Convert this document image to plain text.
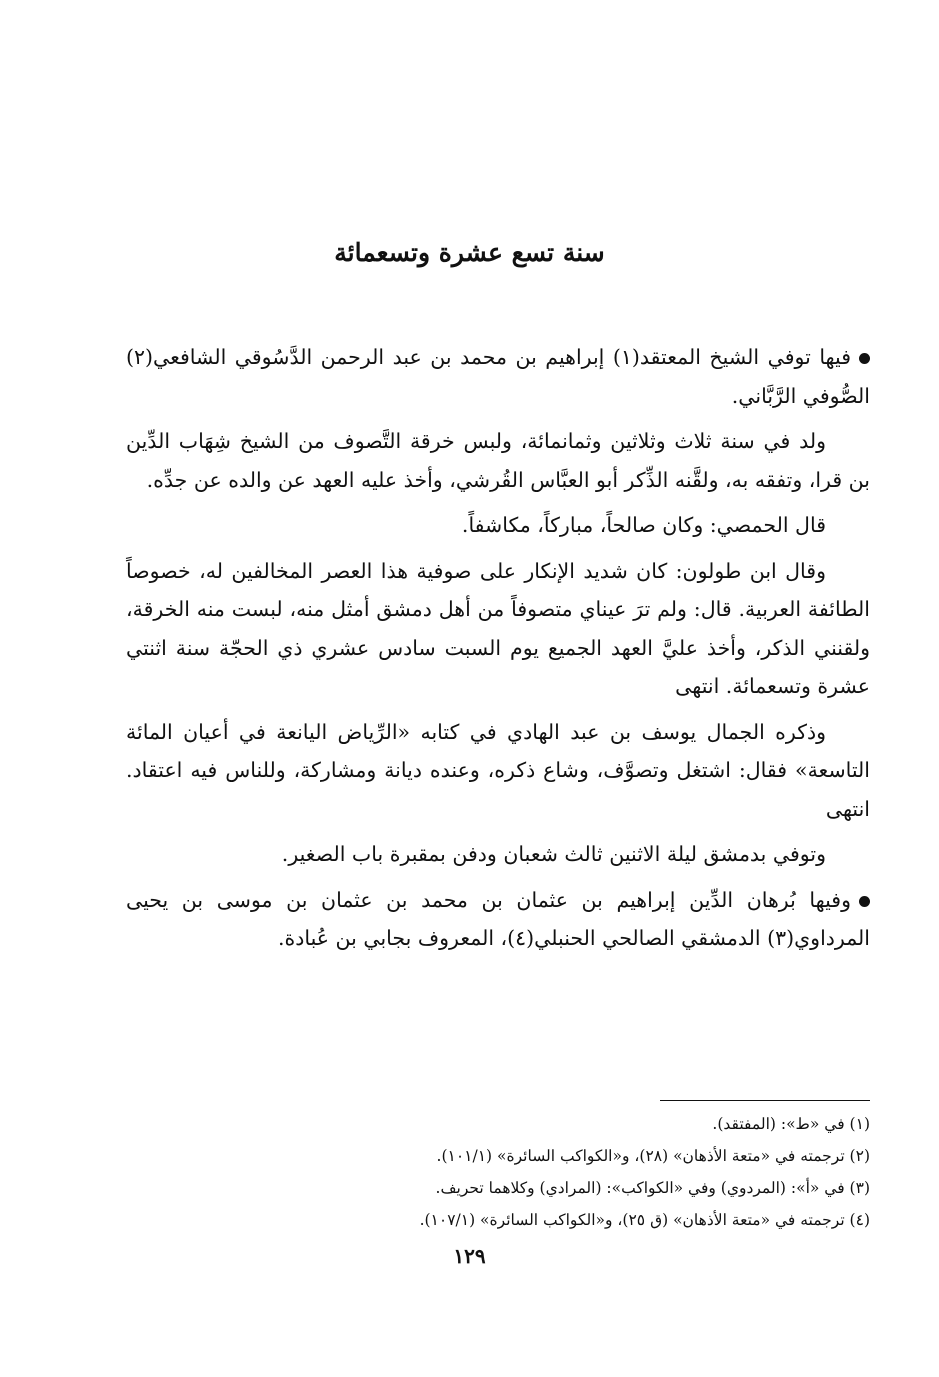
سنة تسع عشرة وتسعمائة

فيها توفي الشيخ المعتقد(١) إبراهيم بن محمد بن عبد الرحمن الدَّسُوقي الشافعي(٢) الصُّوفي الرَّبَّاني.

ولد في سنة ثلاث وثلاثين وثمانمائة، ولبس خرقة التَّصوف من الشيخ شِهَاب الدِّين بن قرا، وتفقه به، ولقَّنه الذِّكر أبو العبَّاس القُرشي، وأخذ عليه العهد عن والده عن جدِّه.

قال الحمصي: وكان صالحاً، مباركاً، مكاشفاً.

وقال ابن طولون: كان شديد الإنكار على صوفية هذا العصر المخالفين له، خصوصاً الطائفة العربية. قال: ولم ترَ عيناي متصوفاً من أهل دمشق أمثل منه، لبست منه الخرقة، ولقنني الذكر، وأخذ عليَّ العهد الجميع يوم السبت سادس عشري ذي الحجّة سنة اثنتي عشرة وتسعمائة. انتهى

وذكره الجمال يوسف بن عبد الهادي في كتابه «الرِّياض اليانعة في أعيان المائة التاسعة» فقال: اشتغل وتصوَّف، وشاع ذكره، وعنده ديانة ومشاركة، وللناس فيه اعتقاد. انتهى

وتوفي بدمشق ليلة الاثنين ثالث شعبان ودفن بمقبرة باب الصغير.

وفيها بُرهان الدِّين إبراهيم بن عثمان بن محمد بن عثمان بن موسى بن يحيى المرداوي(٣) الدمشقي الصالحي الحنبلي(٤)، المعروف بجابي بن عُبادة.

(١) في «ط»: (المفتقد).

(٢) ترجمته في «متعة الأذهان» (٢٨)، و«الكواكب السائرة» (١٠١/١).

(٣) في «أ»: (المردوي) وفي «الكواكب»: (المرادي) وكلاهما تحريف.

(٤) ترجمته في «متعة الأذهان» (ق ٢٥)، و«الكواكب السائرة» (١٠٧/١).

١٢٩
